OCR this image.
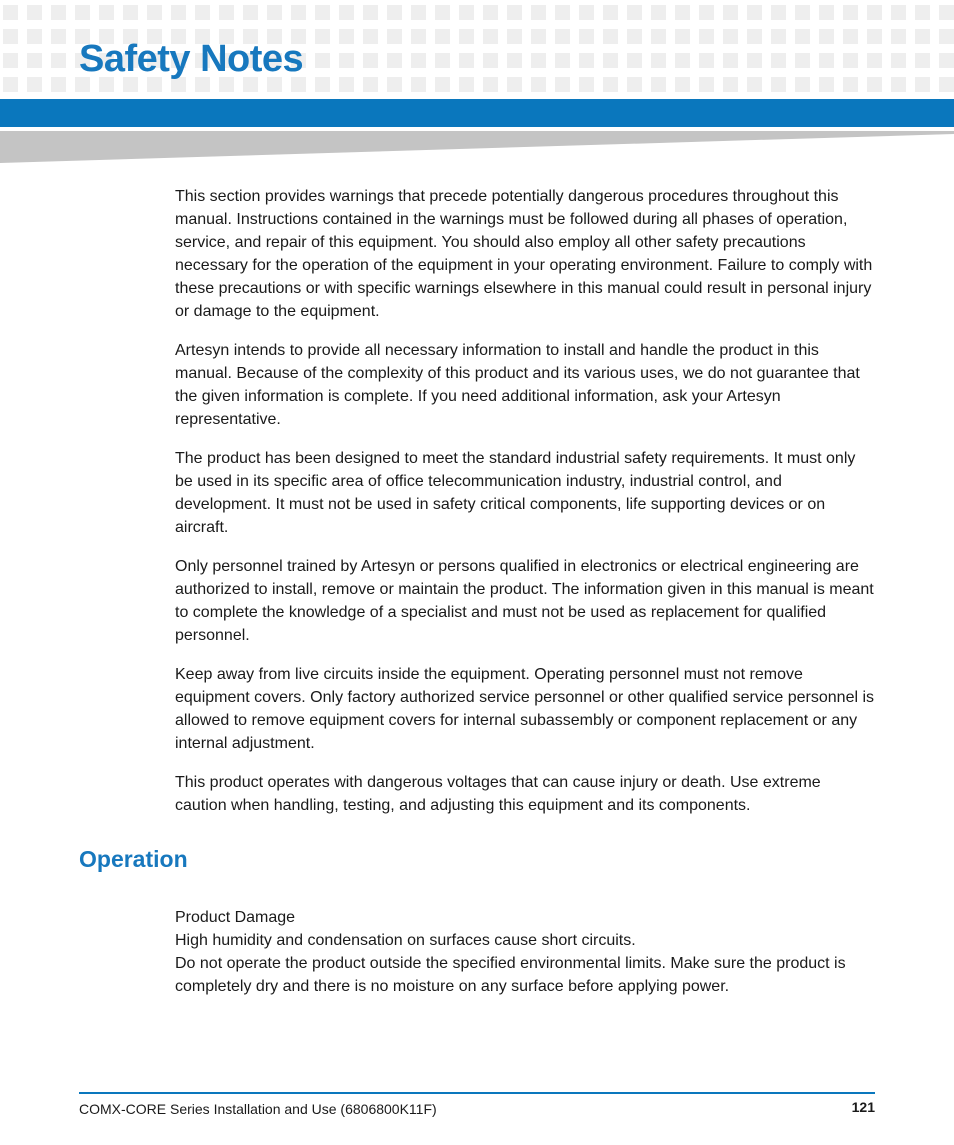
Safety Notes

This section provides warnings that precede potentially dangerous procedures throughout this manual. Instructions contained in the warnings must be followed during all phases of operation, service, and repair of this equipment. You should also employ all other safety precautions necessary for the operation of the equipment in your operating environment. Failure to comply with these precautions or with specific warnings elsewhere in this manual could result in personal injury or damage to the equipment.

Artesyn intends to provide all necessary information to install and handle the product in this manual. Because of the complexity of this product and its various uses, we do not guarantee that the given information is complete. If you need additional information, ask your Artesyn representative.

The product has been designed to meet the standard industrial safety requirements. It must only be used in its specific area of office telecommunication industry, industrial control, and development. It must not be used in safety critical components, life supporting devices or on aircraft.

Only personnel trained by Artesyn or persons qualified in electronics or electrical engineering are authorized to install, remove or maintain the product. The information given in this manual is meant to complete the knowledge of a specialist and must not be used as replacement for qualified personnel.

Keep away from live circuits inside the equipment. Operating personnel must not remove equipment covers. Only factory authorized service personnel or other qualified service personnel is allowed to remove equipment covers for internal subassembly or component replacement or any internal adjustment.

This product operates with dangerous voltages that can cause injury or death. Use extreme caution when handling, testing, and adjusting this equipment and its components.

Operation
Product Damage
High humidity and condensation on surfaces cause short circuits.
Do not operate the product outside the specified environmental limits. Make sure the product is completely dry and there is no moisture on any surface before applying power.
COMX-CORE Series Installation and Use (6806800K11F)	121
